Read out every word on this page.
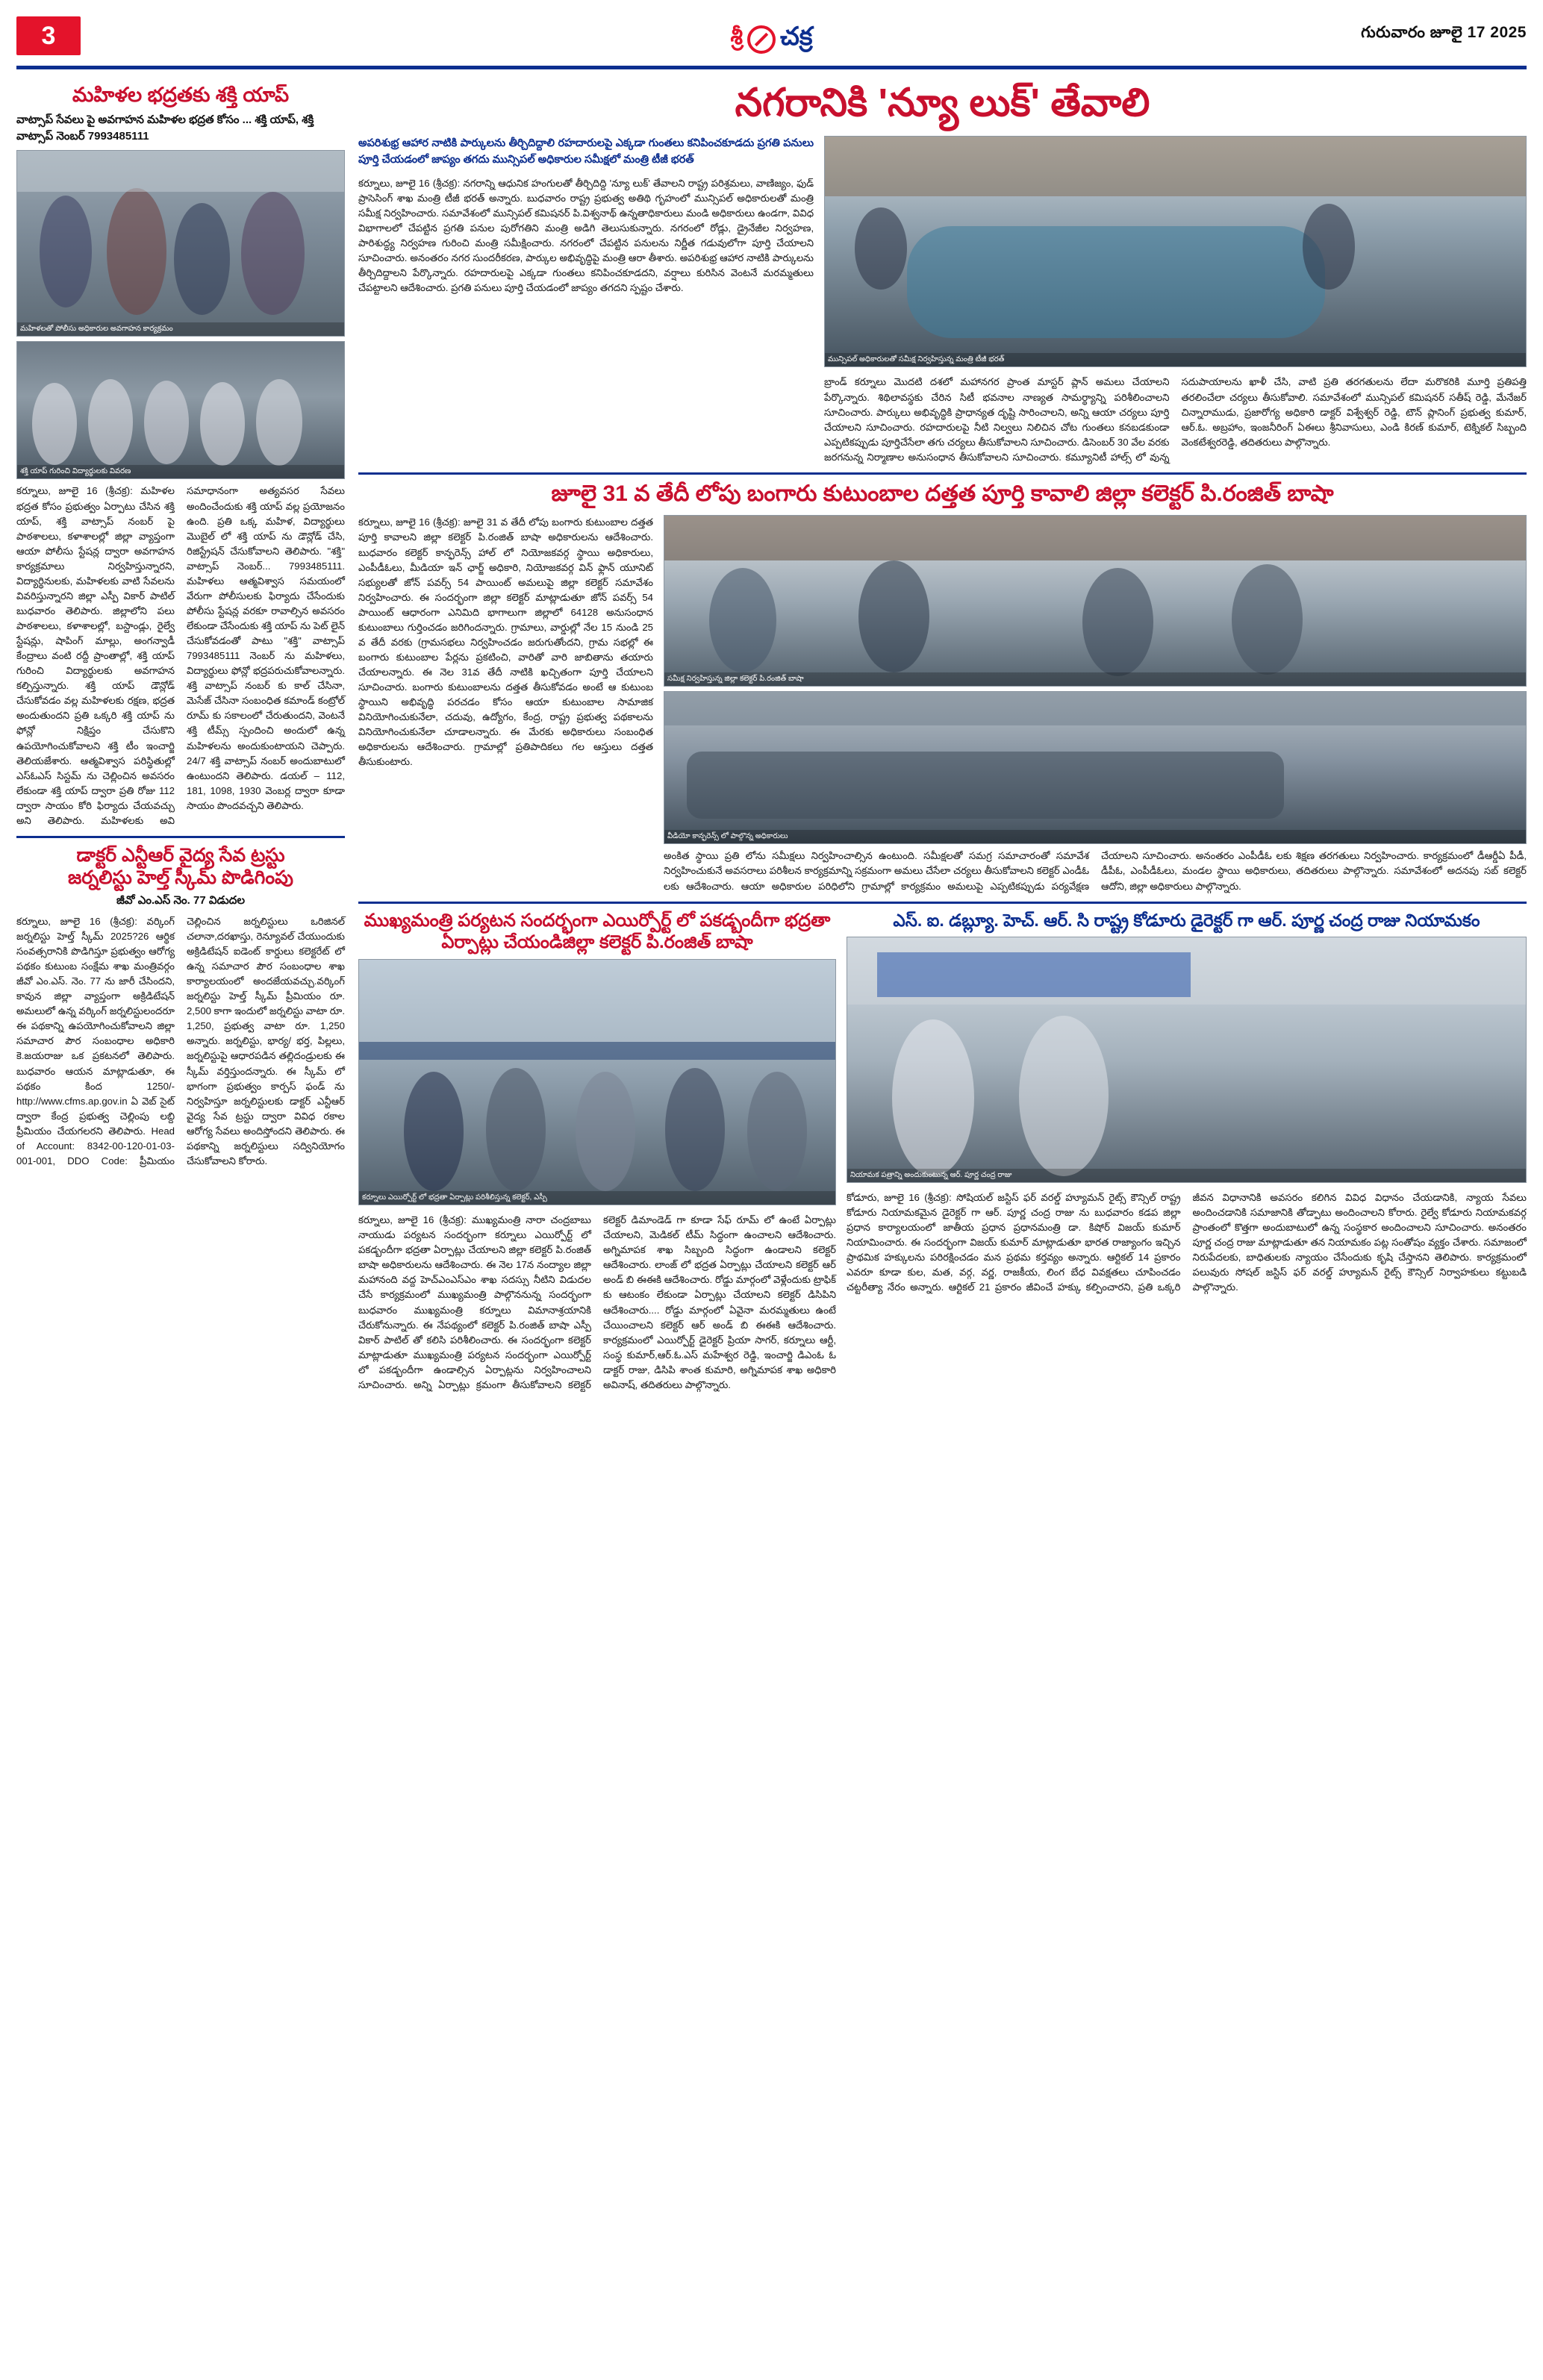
3	శ్రీ చక్ర	గురువారం జూలై 17 2025
మహిళల భద్రతకు శక్తి యాప్
వాట్సాప్ సేవలు పై అవగాహన మహిళల భద్రత కోసం ... శక్తి యాప్, శక్తి వాట్సాప్ నెంబర్ 7993485111
మహిళలతో పోలీసు అధికారుల అవగాహన కార్యక్రమం
శక్తి యాప్ గురించి విద్యార్థులకు వివరణ
కర్నూలు, జూలై 16 (శ్రీచక్ర): మహిళల భద్రత కోసం ప్రభుత్వం ఏర్పాటు చేసిన శక్తి యాప్, శక్తి వాట్సాప్ నంబర్ పై పాఠశాలలు, కళాశాలల్లో జిల్లా వ్యాప్తంగా ఆయా పోలీసు స్టేషన్ల ద్వారా అవగాహన కార్యక్రమాలు నిర్వహిస్తున్నారని, విద్యార్థినులకు, మహిళలకు వాటి సేవలను వివరిస్తున్నారని జిల్లా ఎస్పీ వికార్ పాటిల్ బుధవారం తెలిపారు. జిల్లాలోని పలు పాఠశాలలు, కళాశాలల్లో, బస్టాండ్లు, రైల్వే స్టేషన్లు, షాపింగ్ మాల్లు, అంగన్వాడీ కేంద్రాలు వంటి రద్దీ ప్రాంతాల్లో, శక్తి యాప్ గురించి విద్యార్థులకు అవగాహన కల్పిస్తున్నారు. శక్తి యాప్ డౌన్లోడ్ చేసుకోవడం వల్ల మహిళలకు రక్షణ, భద్రత అందుతుందని ప్రతి ఒక్కరి శక్తి యాప్ ను ఫోన్లో నిక్షిప్తం చేసుకొని ఉపయోగించుకోవాలని శక్తి టీం ఇంచార్జి తెలియజేశారు. ఆత్మవిశ్వాస పరిస్థితుల్లో ఎస్ఓఎస్ సిస్టమ్ ను చెల్లించిన అవసరం లేకుండా శక్తి యాప్ ద్వారా ప్రతి రోజు 112 ద్వారా సాయం కోరి ఫిర్యాదు చేయవచ్చు అని తెలిపారు. మహిళలకు అవి సమాధానంగా అత్యవసర సేవలు అందించేందుకు శక్తి యాప్ వల్ల ప్రయోజనం ఉంది. ప్రతి ఒక్క మహిళ, విద్యార్థులు మొబైల్ లో శక్తి యాప్ ను డౌన్లోడ్ చేసి, రిజిస్ట్రేషన్ చేసుకోవాలని తెలిపారు. "శక్తి" వాట్సాప్ నెంబర్... 7993485111. మహిళలు ఆత్మవిశ్వాస సమయంలో వేరుగా పోలీసులకు ఫిర్యాదు చేసేందుకు పోలీసు స్టేషన్ల వరకూ రావాల్సిన అవసరం లేకుండా చేసేందుకు శక్తి యాప్ ను పెట్ లైన్ చేసుకోవడంతో పాటు "శక్తి" వాట్సాప్ 7993485111 నెంబర్ ను మహిళలు, విద్యార్థులు ఫోన్లో భద్రపరుచుకోవాలన్నారు. శక్తి వాట్సాప్ నంబర్ కు కాల్ చేసినా, మెసేజ్ చేసినా సంబంధిత కమాండ్ కంట్రోల్ రూమ్ కు సకాలంలో చేరుతుందని, వెంటనే శక్తి టీమ్స్ స్పందించి అందులో ఉన్న మహిళలను అందుకుంటాయని చెప్పారు. 24/7 శక్తి వాట్సాప్ నంబర్ అందుబాటులో ఉంటుందని తెలిపారు. డయల్ – 112, 181, 1098, 1930 వెంబర్ల ద్వారా కూడా సాయం పొందవచ్చని తెలిపారు.
డాక్టర్ ఎన్టీఆర్ వైద్య సేవ ట్రస్టు
జర్నలిస్టు హెల్త్ స్కీమ్ పొడిగింపు
జీవో ఎం.ఎస్ నెం. 77 విడుదల
కర్నూలు, జూలై 16 (శ్రీచక్ర): వర్కింగ్ జర్నలిస్టు హెల్త్ స్కీమ్ 2025?26 ఆర్థిక సంవత్సరానికి పొడిగిస్తూ ప్రభుత్వం ఆరోగ్య పథకం కుటుంబ సంక్షేమ శాఖ మంత్రివర్గం జీవో ఎం.ఎస్. నెం. 77 ను జారీ చేసిందని, కావున జిల్లా వ్యాప్తంగా అక్రిడిటేషన్ అమలులో ఉన్న వర్కింగ్ జర్నలిస్టులందరూ ఈ పథకాన్ని ఉపయోగించుకోవాలని జిల్లా సమాచార పౌర సంబంధాల అధికారి కె.జయరాజు ఒక ప్రకటనలో తెలిపారు. బుధవారం ఆయన మాట్లాడుతూ, ఈ పథకం కింద 1250/- http://www.cfms.ap.gov.in ఏ వెబ్ సైట్ ద్వారా కేంద్ర ప్రభుత్వ చెల్లింపు లబ్ది ప్రీమియం చేయగలరని తెలిపారు. Head of Account: 8342-00-120-01-03-001-001, DDO Code: ప్రీమియం చెల్లించిన జర్నలిస్టులు ఒరిజినల్ చలానా,దరఖాస్తు, రెన్యూవల్ చేయుందుకు అక్రిడిటేషన్ ఐడెంట్ కార్డులు కలెక్టరేట్ లో ఉన్న సమాచార పౌర సంబంధాల శాఖ కార్యాలయంలో అందజేయవచ్చు.వర్కింగ్ జర్నలిస్టు హెల్త్ స్కీమ్ ప్రీమియం రూ. 2,500 కాగా ఇందులో జర్నలిస్టు వాటా రూ. 1,250, ప్రభుత్వ వాటా రూ. 1,250 అన్నారు. జర్నలిస్టు, భార్య/ భర్త, పిల్లలు, జర్నలిస్టుపై ఆధారపడిన తల్లిదండ్రులకు ఈ స్కీమ్ వర్తిస్తుందన్నారు. ఈ స్కీమ్ లో భాగంగా ప్రభుత్వం కార్పస్ ఫండ్ ను నిర్వహిస్తూ జర్నలిస్టులకు డాక్టర్ ఎన్టీఆర్ వైద్య సేవ ట్రస్టు ద్వారా వివిధ రకాల ఆరోగ్య సేవలు అందిస్తోందని తెలిపారు. ఈ పథకాన్ని జర్నలిస్టులు సద్వినియోగం చేసుకోవాలని కోరారు.
నగరానికి 'న్యూ లుక్' తేవాలి
అపరిశుభ్ర ఆహార నాటికి పార్కులను తీర్చిదిద్దాలి రహదారులపై ఎక్కడా గుంతలు కనిపించకూడదు ప్రగతి పనులు పూర్తి చేయడంలో జాప్యం తగదు మున్సిపల్ అధికారుల సమీక్షలో మంత్రి టీజీ భరత్
కర్నూలు, జూలై 16 (శ్రీచక్ర): నగరాన్ని ఆధునిక హంగులతో తీర్చిదిద్ది 'న్యూ లుక్' తేవాలని రాష్ట్ర పరిశ్రమలు, వాణిజ్యం, ఫుడ్ ప్రాసెసింగ్ శాఖ మంత్రి టీజీ భరత్ అన్నారు. బుధవారం రాష్ట్ర ప్రభుత్వ అతిథి గృహంలో మున్సిపల్ అధికారులతో మంత్రి సమీక్ష నిర్వహించారు. సమావేశంలో మున్సిపల్ కమిషనర్ పి.విశ్వనాథ్ ఉన్నతాధికారులు మండి అధికారులు ఉండగా, వివిధ విభాగాలలో చేపట్టిన ప్రగతి పనుల పురోగతిని మంత్రి అడిగి తెలుసుకున్నారు. నగరంలో రోడ్లు, డ్రైనేజీల నిర్వహణ, పారిశుద్ధ్య నిర్వహణ గురించి మంత్రి సమీక్షించారు. నగరంలో చేపట్టిన పనులను నిర్ణీత గడువులోగా పూర్తి చేయాలని సూచించారు. అనంతరం నగర సుందరీకరణ, పార్కుల అభివృద్ధిపై మంత్రి ఆరా తీశారు. అపరిశుభ్ర ఆహార నాటికి పార్కులను తీర్చిదిద్దాలని పేర్కొన్నారు. రహదారులపై ఎక్కడా గుంతలు కనిపించకూడదని, వర్షాలు కురిసిన వెంటనే మరమ్మతులు చేపట్టాలని ఆదేశించారు. ప్రగతి పనులు పూర్తి చేయడంలో జాప్యం తగదని స్పష్టం చేశారు.
మున్సిపల్ అధికారులతో సమీక్ష నిర్వహిస్తున్న మంత్రి టీజీ భరత్
బ్రాండ్ కర్నూలు మొదటి దశలో మహానగర ప్రాంత మాస్టర్ ప్లాన్ అమలు చేయాలని పేర్కొన్నారు. శిథిలావస్థకు చేరిన సిటీ భవనాల నాణ్యత సామర్థ్యాన్ని పరిశీలించాలని సూచించారు. పార్కులు అభివృద్ధికి ప్రాధాన్యత దృష్టి సారించాలని, అన్ని ఆయా చర్యలు పూర్తి చేయాలని సూచించారు. రహదారులపై నీటి నిల్వలు నిలిచిన చోట గుంతలు కనబడకుండా ఎప్పటికప్పుడు పూర్తిచేసేలా తగు చర్యలు తీసుకోవాలని సూచించారు. డిసెంబర్ 30 వేల వరకు జరగనున్న నిర్మాణాల అనుసంధాన తీసుకోవాలని సూచించారు. కమ్యూనిటీ హాల్స్ లో వున్న సదుపాయాలను ఖాళీ చేసి, వాటి ప్రతి తరగతులను లేదా మరొకరికి మూర్తి ప్రతిపత్తి తరలించేలా చర్యలు తీసుకోవాలి. సమావేశంలో మున్సిపల్ కమిషనర్ సతీష్ రెడ్డి, మేనేజర్ చిన్నారాముడు, ప్రజారోగ్య అధికారి డాక్టర్ విశ్వేశ్వర్ రెడ్డి, టౌన్ ప్లానింగ్ ప్రభుత్వ కుమార్, ఆర్.ఓ. అబ్రహాం, ఇంజనీరింగ్ ఏఈలు శ్రీనివాసులు, ఎండి కిరణ్ కుమార్, టెక్నికల్ సిబ్బంది వెంకటేశ్వరరెడ్డి, తదితరులు పాల్గొన్నారు.
జూలై 31 వ తేదీ లోపు బంగారు కుటుంబాల దత్తత పూర్తి కావాలి జిల్లా కలెక్టర్ పి.రంజిత్ బాషా
కర్నూలు, జూలై 16 (శ్రీచక్ర): జూలై 31 వ తేదీ లోపు బంగారు కుటుంబాల దత్తత పూర్తి కావాలని జిల్లా కలెక్టర్ పి.రంజిత్ బాషా అధికారులను ఆదేశించారు. బుధవారం కలెక్టర్ కాన్ఫరెన్స్ హాల్ లో నియోజకవర్గ స్థాయి అధికారులు, ఎంపీడీఓలు, మీడియా ఇన్ ఛార్జ్ అధికారి, నియోజకవర్గ విన్ ఫ్లాన్ యూనిట్ సభ్యులతో జోన్ పవర్స్ 54 పాయింట్ అమలుపై జిల్లా కలెక్టర్ సమావేశం నిర్వహించారు. ఈ సందర్భంగా జిల్లా కలెక్టర్ మాట్లాడుతూ జోన్ పవర్స్ 54 పాయింట్ ఆధారంగా ఎనిమిది భాగాలుగా జిల్లాలో 64128 అనుసంధాన కుటుంబాలు గుర్తించడం జరిగిందన్నారు. గ్రామాలు, వార్డుల్లో నేల 15 నుండి 25 వ తేదీ వరకు (గ్రామసభలు నిర్వహించడం జరుగుతోందని, గ్రామ సభల్లో ఈ బంగారు కుటుంబాల పేర్లను ప్రకటించి, వారితో వారి జాబితాను తయారు చేయాలన్నారు. ఈ నెల 31వ తేదీ నాటికి ఖచ్చితంగా పూర్తి చేయాలని సూచించారు. బంగారు కుటుంబాలను దత్తత తీసుకోవడం అంటే ఆ కుటుంబ స్థాయిని అభివృద్ధి పరచడం కోసం ఆయా కుటుంబాల సామాజిక వినియోగించుకునేలా, చదువు, ఉద్యోగం, కేంద్ర, రాష్ట్ర ప్రభుత్వ పథకాలను వినియోగించుకునేలా చూడాలన్నారు. ఈ మేరకు అధికారులు సంబంధిత అధికారులను ఆదేశించారు. గ్రామాల్లో ప్రతిపాదికలు గల ఆస్తులు దత్తత తీసుకుంటారు.
సమీక్ష నిర్వహిస్తున్న జిల్లా కలెక్టర్ పి.రంజిత్ బాషా
వీడియో కాన్ఫరెన్స్ లో పాల్గొన్న అధికారులు
అంకిత స్థాయి ప్రతి లోను సమీక్షలు నిర్వహించాల్సిన ఉంటుంది. సమీక్షలతో సమగ్ర సమాచారంతో సమావేశ నిర్వహించుకునే అవసరాలు పరిశీలన కార్యక్రమాన్ని సక్రమంగా అమలు చేసేలా చర్యలు తీసుకోవాలని కలెక్టర్ ఎండీఓ లకు ఆదేశించారు. ఆయా అధికారుల పరిధిలోని గ్రామాల్లో కార్యక్రమం అమలుపై ఎప్పటికప్పుడు పర్యవేక్షణ చేయాలని సూచించారు. అనంతరం ఎంపీడీఓ లకు శిక్షణ తరగతులు నిర్వహించారు. కార్యక్రమంలో డీఆర్డీఏ పీడీ, డీపీఓ, ఎంపీడీఓలు, మండల స్థాయి అధికారులు, తదితరులు పాల్గొన్నారు. సమావేశంలో అదనపు సబ్ కలెక్టర్ ఆదోని, జిల్లా అధికారులు పాల్గొన్నారు.
ముఖ్యమంత్రి పర్యటన సందర్భంగా ఎయిర్పోర్ట్ లో పకడ్బందీగా భద్రతా ఏర్పాట్లు చేయండిజిల్లా కలెక్టర్ పి.రంజిత్ బాషా
కర్నూలు ఎయిర్పోర్ట్ లో భద్రతా ఏర్పాట్లు పరిశీలిస్తున్న కలెక్టర్, ఎస్పీ
కర్నూలు, జూలై 16 (శ్రీచక్ర): ముఖ్యమంత్రి నారా చంద్రబాబు నాయుడు పర్యటన సందర్భంగా కర్నూలు ఎయిర్పోర్ట్ లో పకడ్బందీగా భద్రతా ఏర్పాట్లు చేయాలని జిల్లా కలెక్టర్ పి.రంజిత్ బాషా అధికారులను ఆదేశించారు. ఈ నెల 17న నంద్యాల జిల్లా మహానంది వద్ద హెచ్ఎంఎస్ఎం శాఖ సదస్సు నీటిని విడుదల చేసే కార్యక్రమంలో ముఖ్యమంత్రి పాల్గొననున్న సందర్భంగా బుధవారం ముఖ్యమంత్రి కర్నూలు విమానాశ్రయానికి చేరుకోనున్నారు. ఈ నేపథ్యంలో కలెక్టర్ పి.రంజిత్ బాషా ఎస్పీ వికార్ పాటిల్ తో కలిసి పరిశీలించారు. ఈ సందర్భంగా కలెక్టర్ మాట్లాడుతూ ముఖ్యమంత్రి పర్యటన సందర్భంగా ఎయిర్పోర్ట్ లో పకడ్బందీగా ఉండాల్సిన ఏర్పాట్లను నిర్వహించాలని సూచించారు. అన్ని ఏర్పాట్లు క్రమంగా తీసుకోవాలని కలెక్టర్ కలెక్టర్ డిమాండెడ్ గా కూడా సేఫ్ రూమ్ లో ఉంటే ఏర్పాట్లు చేయాలని, మెడికల్ టీమ్ సిద్ధంగా ఉంచాలని ఆదేశించారు. అగ్నిమాపక శాఖ సిబ్బంది సిద్ధంగా ఉండాలని కలెక్టర్ ఆదేశించారు. లాంజ్ లో భద్రత ఏర్పాట్లు చేయాలని కలెక్టర్ ఆర్ అండ్ బి ఈఈకి ఆదేశించారు. రోడ్డు మార్గంలో వెళ్లేందుకు ట్రాఫిక్ కు ఆటంకం లేకుండా ఏర్పాట్లు చేయాలని కలెక్టర్ డిసిపిని ఆదేశించారు.... రోడ్డు మార్గంలో ఏవైనా మరమ్మతులు ఉంటే చేయించాలని కలెక్టర్ ఆర్ అండ్ బి ఈఈకి ఆదేశించారు. కార్యక్రమంలో ఎయిర్పోర్ట్ డైరెక్టర్ ప్రియా సాగర్, కర్నూలు ఆర్టీ, సంస్థ కుమార్,ఆర్.ఓ.ఎస్ మహేశ్వర రెడ్డి, ఇంచార్జి డిఎంఓ ఓ డాక్టర్ రాజు, డిసిపి శాంత కుమారి, అగ్నిమాపక శాఖ అధికారి అవినాష్, తదితరులు పాల్గొన్నారు.
ఎస్. ఐ. డబ్ల్యూ. హెచ్. ఆర్. సి రాష్ట్ర కోడూరు డైరెక్టర్ గా ఆర్. పూర్ణ చంద్ర రాజు నియామకం
నియామక పత్రాన్ని అందుకుంటున్న ఆర్. పూర్ణ చంద్ర రాజు
కోడూరు, జూలై 16 (శ్రీచక్ర): సోషియల్ జస్టిస్ ఫర్ వరల్డ్ హ్యూమన్ రైట్స్ కౌన్సిల్ రాష్ట్ర కోడూరు నియామకమైన డైరెక్టర్ గా ఆర్. పూర్ణ చంద్ర రాజు ను బుధవారం కడప జిల్లా ప్రధాన కార్యాలయంలో జాతీయ ప్రధాన ప్రధానమంత్రి డా. కిషోర్ విజయ్ కుమార్ నియామించారు. ఈ సందర్భంగా విజయ్ కుమార్ మాట్లాడుతూ భారత రాజ్యాంగం ఇచ్చిన ప్రాథమిక హక్కులను పరిరక్షించడం మన ప్రథమ కర్తవ్యం అన్నారు. ఆర్టికల్ 14 ప్రకారం ఎవరూ కూడా కుల, మత, వర్గ, వర్ణ, రాజకీయ, లింగ బేధ వివక్షతలు చూపించడం చట్టరీత్యా నేరం అన్నారు. ఆర్టికల్ 21 ప్రకారం జీవించే హక్కు కల్పించారని, ప్రతి ఒక్కరి జీవన విధానానికి అవసరం కలిగిన వివిధ విధానం చేయడానికి, న్యాయ సేవలు అందించడానికి సమాజానికి తోడ్పాటు అందించాలని కోరారు. రైల్వే కోడూరు నియామకవర్గ ప్రాంతంలో కొత్తగా అందుబాటులో ఉన్న సంస్థకార అందించాలని సూచించారు. అనంతరం పూర్ణ చంద్ర రాజు మాట్లాడుతూ తన నియామకం పట్ల సంతోషం వ్యక్తం చేశారు. సమాజంలో నిరుపేదలకు, బాధితులకు న్యాయం చేసేందుకు కృషి చేస్తానని తెలిపారు. కార్యక్రమంలో పలువురు సోషల్ జస్టిస్ ఫర్ వరల్డ్ హ్యూమన్ రైట్స్ కౌన్సిల్ నిర్వాహకులు కట్టుబడి పాల్గొన్నారు.
